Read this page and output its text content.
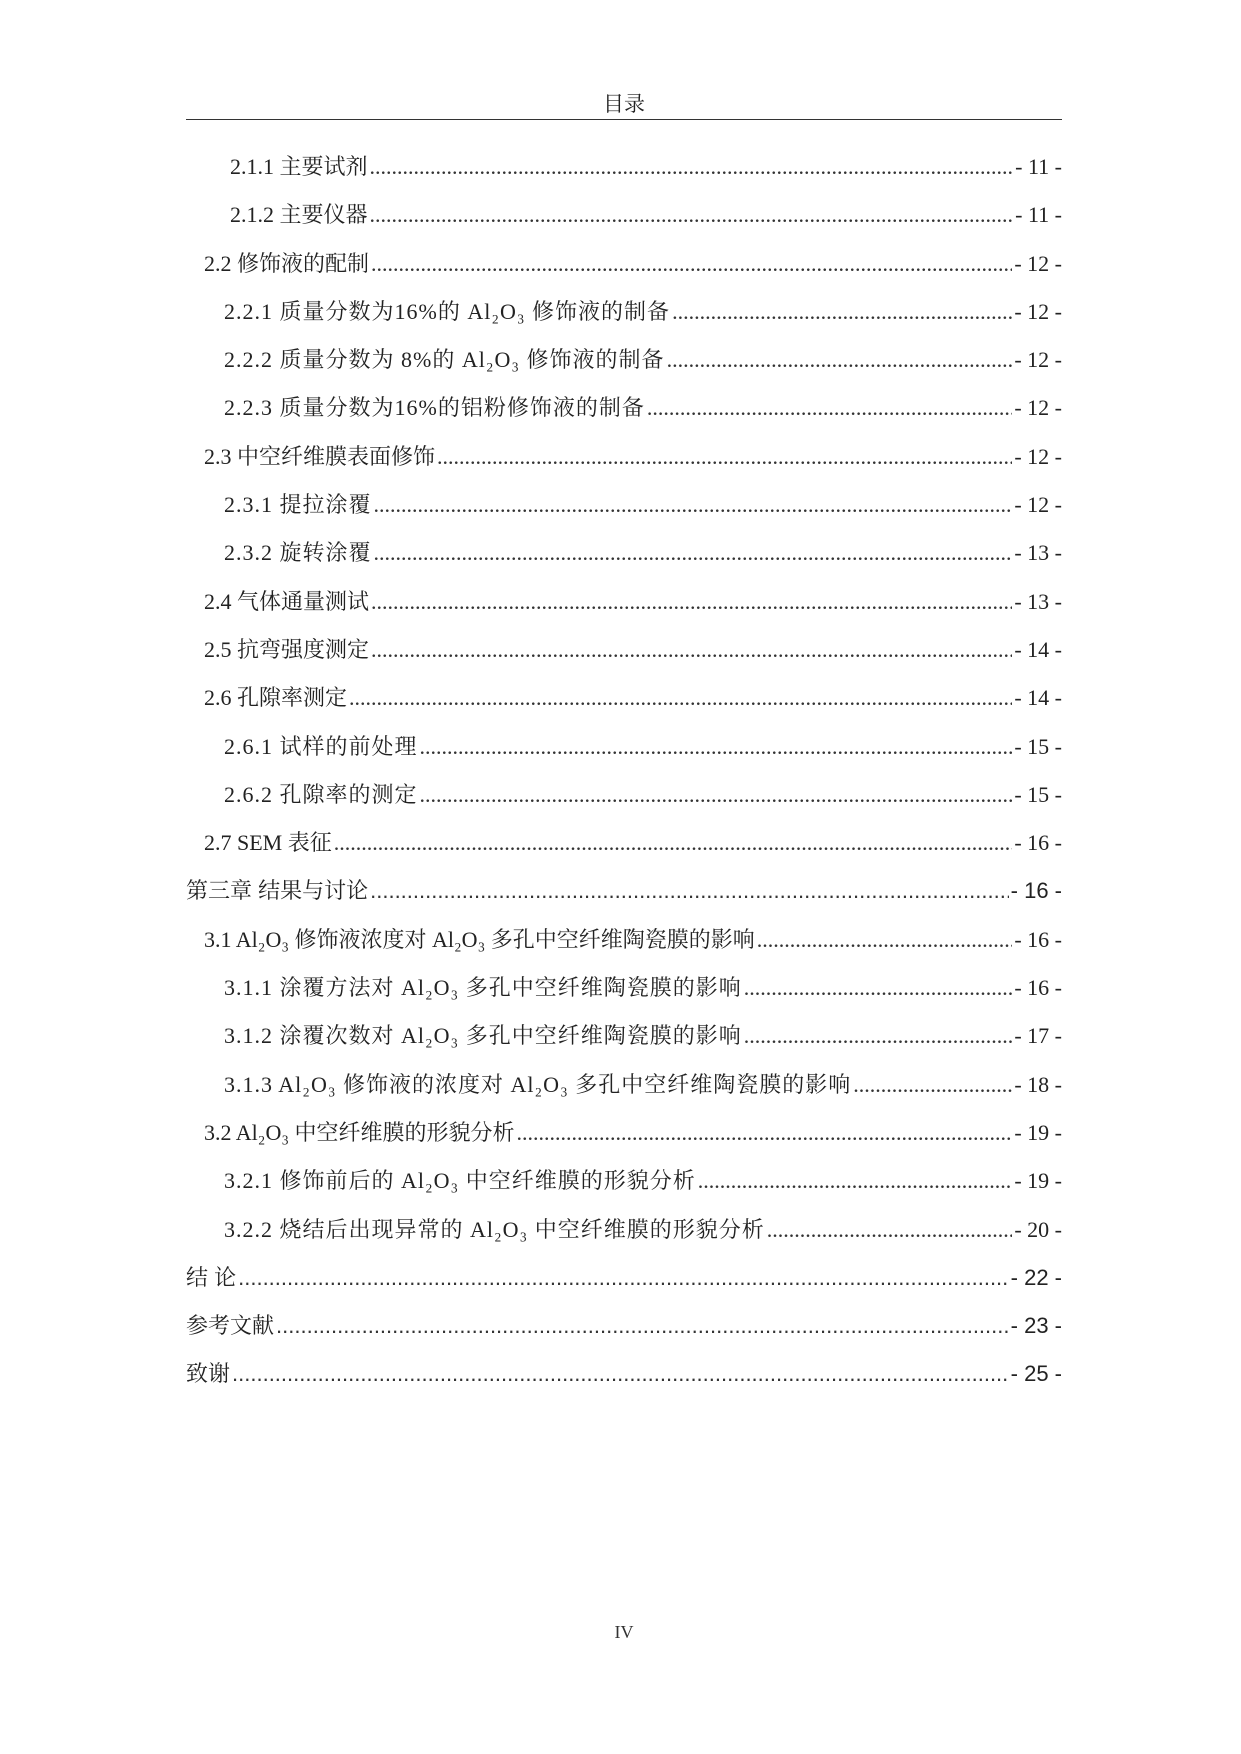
目录
2.1.1 主要试剂 .....	- 11 -
2.1.2 主要仪器 .....	- 11 -
2.2 修饰液的配制 .....	- 12 -
2.2.1 质量分数为16%的 Al₂O₃ 修饰液的制备 .....	- 12 -
2.2.2 质量分数为 8%的 Al₂O₃ 修饰液的制备 .....	- 12 -
2.2.3 质量分数为16%的铝粉修饰液的制备 .....	- 12 -
2.3 中空纤维膜表面修饰 .....	- 12 -
2.3.1 提拉涂覆 .....	- 12 -
2.3.2 旋转涂覆 .....	- 13 -
2.4 气体通量测试 .....	- 13 -
2.5 抗弯强度测定 .....	- 14 -
2.6 孔隙率测定 .....	- 14 -
2.6.1 试样的前处理 .....	- 15 -
2.6.2 孔隙率的测定 .....	- 15 -
2.7 SEM 表征 .....	- 16 -
第三章 结果与讨论 .....	- 16 -
3.1 Al₂O₃ 修饰液浓度对 Al₂O₃ 多孔中空纤维陶瓷膜的影响 .....	- 16 -
3.1.1 涂覆方法对 Al₂O₃ 多孔中空纤维陶瓷膜的影响 .....	- 16 -
3.1.2 涂覆次数对 Al₂O₃ 多孔中空纤维陶瓷膜的影响 .....	- 17 -
3.1.3 Al₂O₃ 修饰液的浓度对 Al₂O₃ 多孔中空纤维陶瓷膜的影响 .....	- 18 -
3.2 Al₂O₃ 中空纤维膜的形貌分析 .....	- 19 -
3.2.1 修饰前后的 Al₂O₃ 中空纤维膜的形貌分析 .....	- 19 -
3.2.2 烧结后出现异常的 Al₂O₃ 中空纤维膜的形貌分析 .....	- 20 -
结 论 .....	- 22 -
参考文献 .....	- 23 -
致谢 .....	- 25 -
IV
